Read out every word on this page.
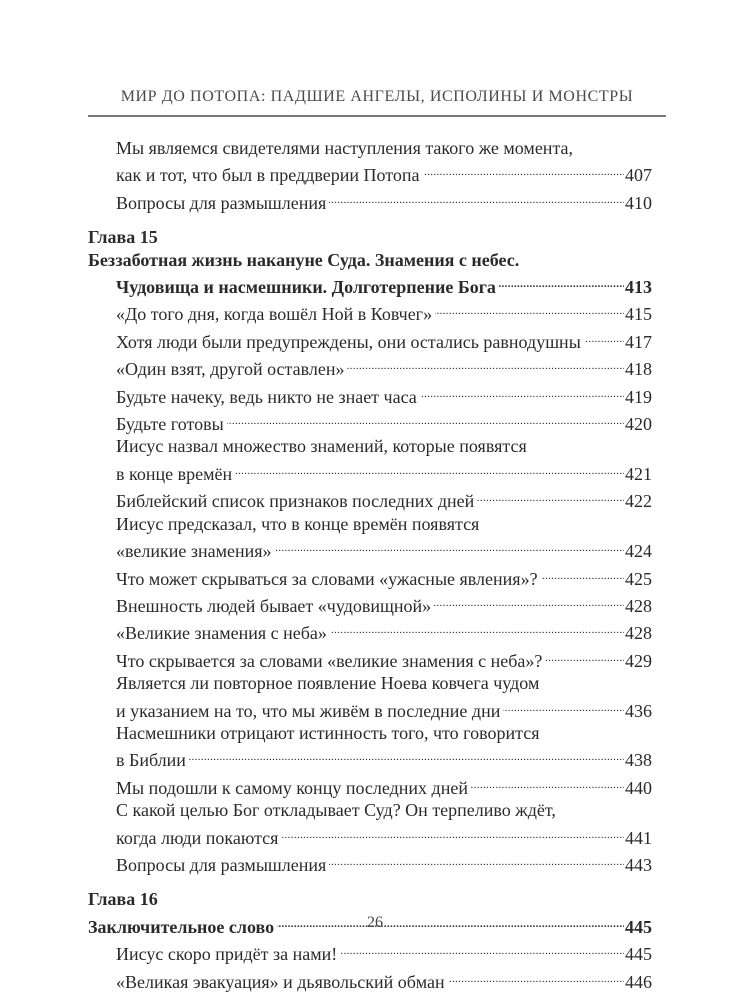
МИР ДО ПОТОПА: ПАДШИЕ АНГЕЛЫ, ИСПОЛИНЫ И МОНСТРЫ
Мы являемся свидетелями наступления такого же момента,
как и тот, что был в преддверии Потопа . . .	407
Вопросы для размышления . . .	410
Глава 15
Беззаботная жизнь накануне Суда. Знамения с небес.
Чудовища и насмешники. Долготерпение Бога . . .	413
«До того дня, когда вошёл Ной в Ковчег» . . .	415
Хотя люди были предупреждены, они остались равнодушны . . . 417
«Один взят, другой оставлен» . . .	418
Будьте начеку, ведь никто не знает часа . . .	419
Будьте готовы . . .	420
Иисус назвал множество знамений, которые появятся
в конце времён . . .	421
Библейский список признаков последних дней . . .	422
Иисус предсказал, что в конце времён появятся
«великие знамения» . . .	424
Что может скрываться за словами «ужасные явления»? . . .	425
Внешность людей бывает «чудовищной» . . .	428
«Великие знамения с неба» . . .	428
Что скрывается за словами «великие знамения с неба»? . . .	429
Является ли повторное появление Ноева ковчега чудом
и указанием на то, что мы живём в последние дни . . .	436
Насмешники отрицают истинность того, что говорится
в Библии . . .	438
Мы подошли к самому концу последних дней . . .	440
С какой целью Бог откладывает Суд? Он терпеливо ждёт,
когда люди покаются . . .	441
Вопросы для размышления . . .	443
Глава 16
Заключительное слово . . .	445
Иисус скоро придёт за нами! . . .	445
«Великая эвакуация» и дьявольский обман . . .	446
26
